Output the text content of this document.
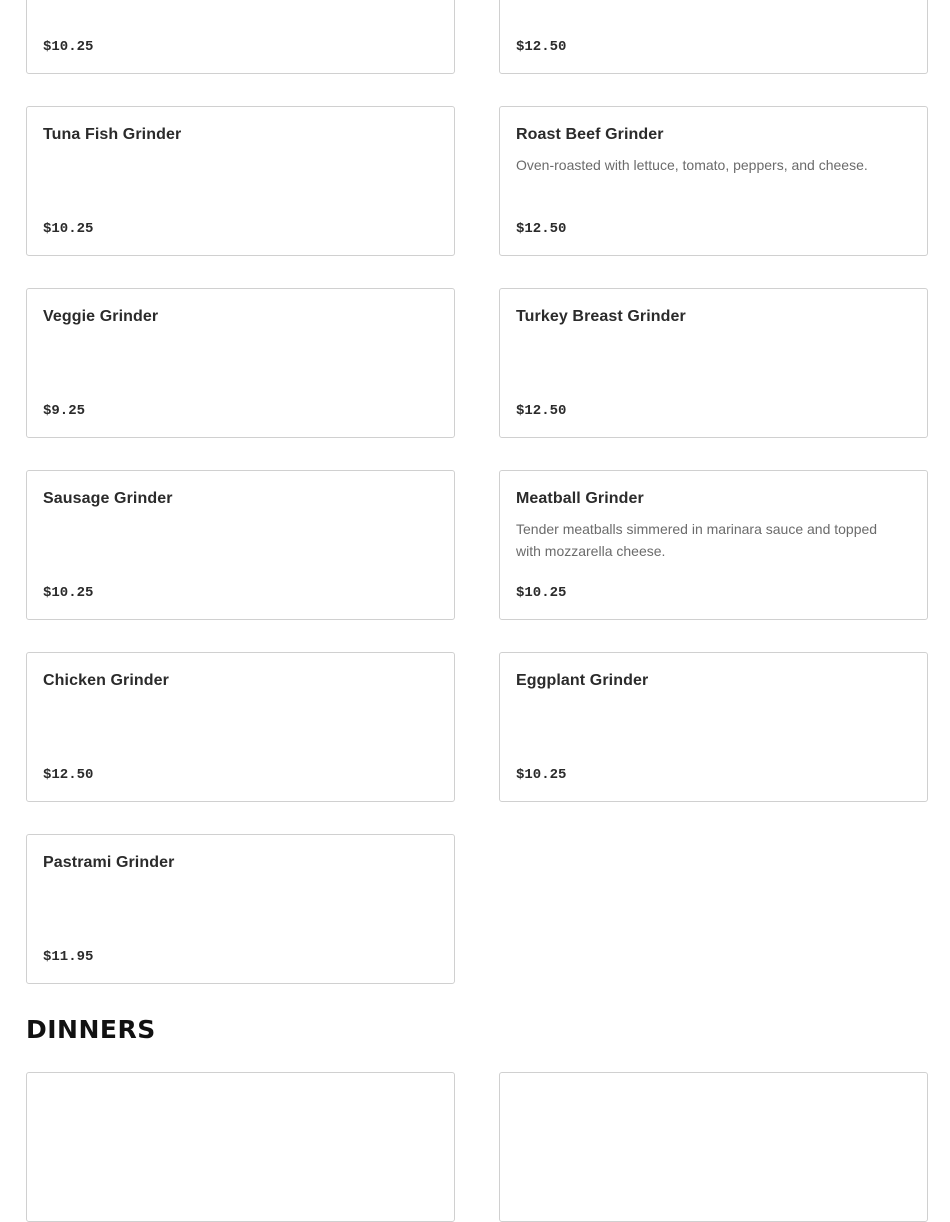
$10.25	$12.50
Tuna Fish Grinder
$10.25
Roast Beef Grinder
Oven-roasted with lettuce, tomato, peppers, and cheese.
$12.50
Veggie Grinder
$9.25
Turkey Breast Grinder
$12.50
Sausage Grinder
$10.25
Meatball Grinder
Tender meatballs simmered in marinara sauce and topped with mozzarella cheese.
$10.25
Chicken Grinder
$12.50
Eggplant Grinder
$10.25
Pastrami Grinder
$11.95
DINNERS
